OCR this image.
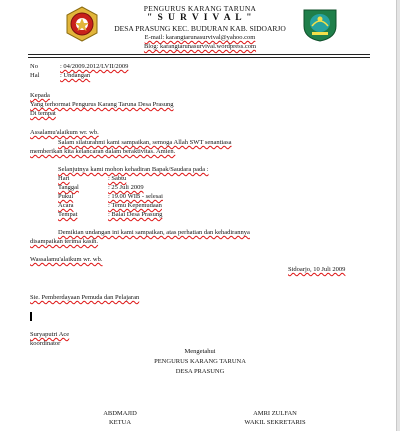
PENGURUS KARANG TARUNA
" S U R V I V A L "
DESA PRASUNG KEC. BUDURAN KAB. SIDOARJO
E-mail: karangtarunasurvival@yahoo.com
Blog: karangtarunasurvival.wordpress.com
No	: 04/2009.2012/LVII/2009
Hal	: Undangan
Kepada
Yang terhormat Pengurus Karang Taruna Desa Prasung
Di tempat
Assalamu'alaikum wr. wb.
Salam silaturahmi kami sampaikan, semoga Allah SWT senantiasa
memberikan kita kelancaran dalam beraktivitas. Amien.
Selanjutnya kami mohon kehadiran Bapak/Saudara pada :
Hari	: Sabtu
Tanggal	: 25 Juli 2009
Pukul	: 19.00 WIB - selesai
Acara	: Temu Kepemudaan
Tempat	: Balai Desa Prasung
Demikian undangan ini kami sampaikan, atas perhatian dan kehadirannya
disampaikan terima kasih.
Wassalamu'alaikum wr. wb.
Sidoarjo, 10 Juli 2009
Sie. Pemberdayaan Pemuda dan Pelajaran
Suryaputri Ace
koordinator
Mengetahui
PENGURUS KARANG TARUNA
DESA PRASUNG
ABDMAJID
KETUA
AMRI ZULFAN
WAKIL SEKRETARIS
